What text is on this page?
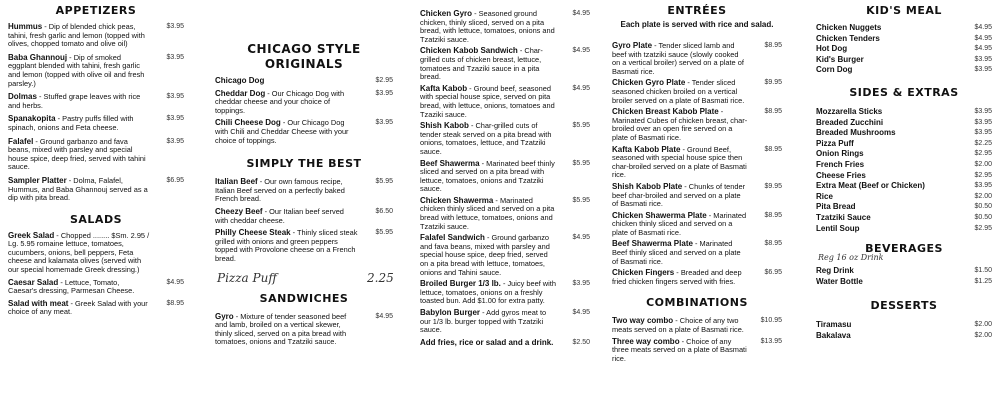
APPETIZERS
Hummus - Dip of blended chick peas, tahini, fresh garlic and lemon (topped with olives, chopped tomato and olive oil)
$3.95
Baba Ghannouj - Dip of smoked eggplant blended with tahini, fresh garlic and lemon (topped with olive oil and fresh parsley.)
$3.95
Dolmas - Stuffed grape leaves with rice and herbs.
$3.95
Spanakopita - Pastry puffs filled with spinach, onions and Feta cheese.
$3.95
Falafel - Ground garbanzo and fava beans, mixed with parsley and special house spice, deep fried, served with tahini sauce.
$3.95
Sampler Platter - Dolma, Falafel, Hummus, and Baba Ghannouj served as a dip with pita bread.
$6.95
SALADS
Greek Salad - Chopped ........ $Sm. 2.95 / Lg. 5.95 romaine lettuce, tomatoes, cucumbers, onions, bell peppers, Feta cheese and kalamata olives (served with our special homemade Greek dressing.)
Caesar Salad - Lettuce, Tomato, Caesar's dressing, Parmesan Cheese.
$4.95
Salad with meat - Greek Salad with your choice of any meat.
$8.95
CHICAGO STYLE
ORIGINALS
Chicago Dog	$2.95
Cheddar Dog - Our Chicago Dog with cheddar cheese and your choice of toppings.
$3.95
Chili Cheese Dog - Our Chicago Dog with Chili and Cheddar Cheese with your choice of toppings.
$3.95
SIMPLY THE BEST
Italian Beef - Our own famous recipe, Italian Beef served on a perfectly baked French bread.
$5.95
Cheezy Beef - Our Italian beef served with cheddar cheese.
$6.50
Philly Cheese Steak - Thinly sliced steak grilled with onions and green peppers topped with Provolone cheese on a French bread.
$5.95
Pizza Puff	2.25
SANDWICHES
Gyro - Mixture of tender seasoned beef and lamb, broiled on a vertical skewer, thinly sliced, served on a pita bread with tomatoes, onions and Tzatziki sauce.
$4.95
Chicken Gyro - Seasoned ground chicken, thinly sliced, served on a pita bread, with lettuce, tomatoes, onions and Tzatziki sauce.
$4.95
Chicken Kabob Sandwich - Char-grilled cuts of chicken breast, lettuce, tomatoes and Tzaziki sauce in a pita bread.
$4.95
Kafta Kabob - Ground beef, seasoned with special house spice, served on pita bread, with lettuce, onions, tomatoes and Tzaziki sauce.
$4.95
Shish Kabob - Char-grilled cuts of tender steak served on a pita bread with onions, tomatoes, lettuce, and Tzatziki sauce.
$5.95
Beef Shawerma - Marinated beef thinly sliced and served on a pita bread with lettuce, tomatoes, onions and Tzatziki sauce.
$5.95
Chicken Shawerma - Marinated chicken thinly sliced and served on a pita bread with lettuce, tomatoes, onions and Tzatziki sauce.
$5.95
Falafel Sandwich - Ground garbanzo and fava beans, mixed with parsley and special house spice, deep fried, served on a pita bread with lettuce, tomatoes, onions and Tahini sauce.
$4.95
Broiled Burger 1/3 lb. - Juicy beef with lettuce, tomatoes, onions on a freshly toasted bun. Add $1.00 for extra patty.
$3.95
Babylon Burger - Add gyros meat to our 1/3 lb. burger topped with Tzatziki sauce.
$4.95
Add fries, rice or salad and a drink.	$2.50
ENTRÉES
Each plate is served with rice and salad.
Gyro Plate - Tender sliced lamb and beef with tzatziki sauce (slowly cooked on a vertical broiler) served on a plate of Basmati rice.
$8.95
Chicken Gyro Plate - Tender sliced seasoned chicken broiled on a vertical broiler served on a plate of Basmati rice.
$9.95
Chicken Breast Kabob Plate - Marinated Cubes of chicken breast, char-broiled over an open fire served on a plate of Basmati rice.
$8.95
Kafta Kabob Plate - Ground Beef, seasoned with special house spice then char-broiled served on a plate of Basmati rice.
$8.95
Shish Kabob Plate - Chunks of tender beef char-broiled and served on a plate of Basmati rice.
$9.95
Chicken Shawerma Plate - Marinated chicken thinly sliced and served on a plate of Basmati rice.
$8.95
Beef Shawerma Plate - Marinated Beef thinly sliced and served on a plate of Basmati rice.
$8.95
Chicken Fingers - Breaded and deep fried chicken fingers served with fries.
$6.95
COMBINATIONS
Two way combo - Choice of any two meats served on a plate of Basmati rice.
$10.95
Three way combo - Choice of any three meats served on a plate of Basmati rice.
$13.95
KID'S MEAL
Chicken Nuggets	$4.95
Chicken Tenders	$4.95
Hot Dog	$4.95
Kid's Burger	$3.95
Corn Dog	$3.95
SIDES & EXTRAS
Mozzarella Sticks	$3.95
Breaded Zucchini	$3.95
Breaded Mushrooms	$3.95
Pizza Puff	$2.25
Onion Rings	$2.95
French Fries	$2.00
Cheese Fries	$2.95
Extra Meat (Beef or Chicken)	$3.95
Rice	$2.00
Pita Bread	$0.50
Tzatziki Sauce	$0.50
Lentil Soup	$2.95
BEVERAGES
Reg 16 oz Drink
Reg Drink	$1.50
Water Bottle	$1.25
DESSERTS
Tiramasu	$2.00
Bakalava	$2.00
